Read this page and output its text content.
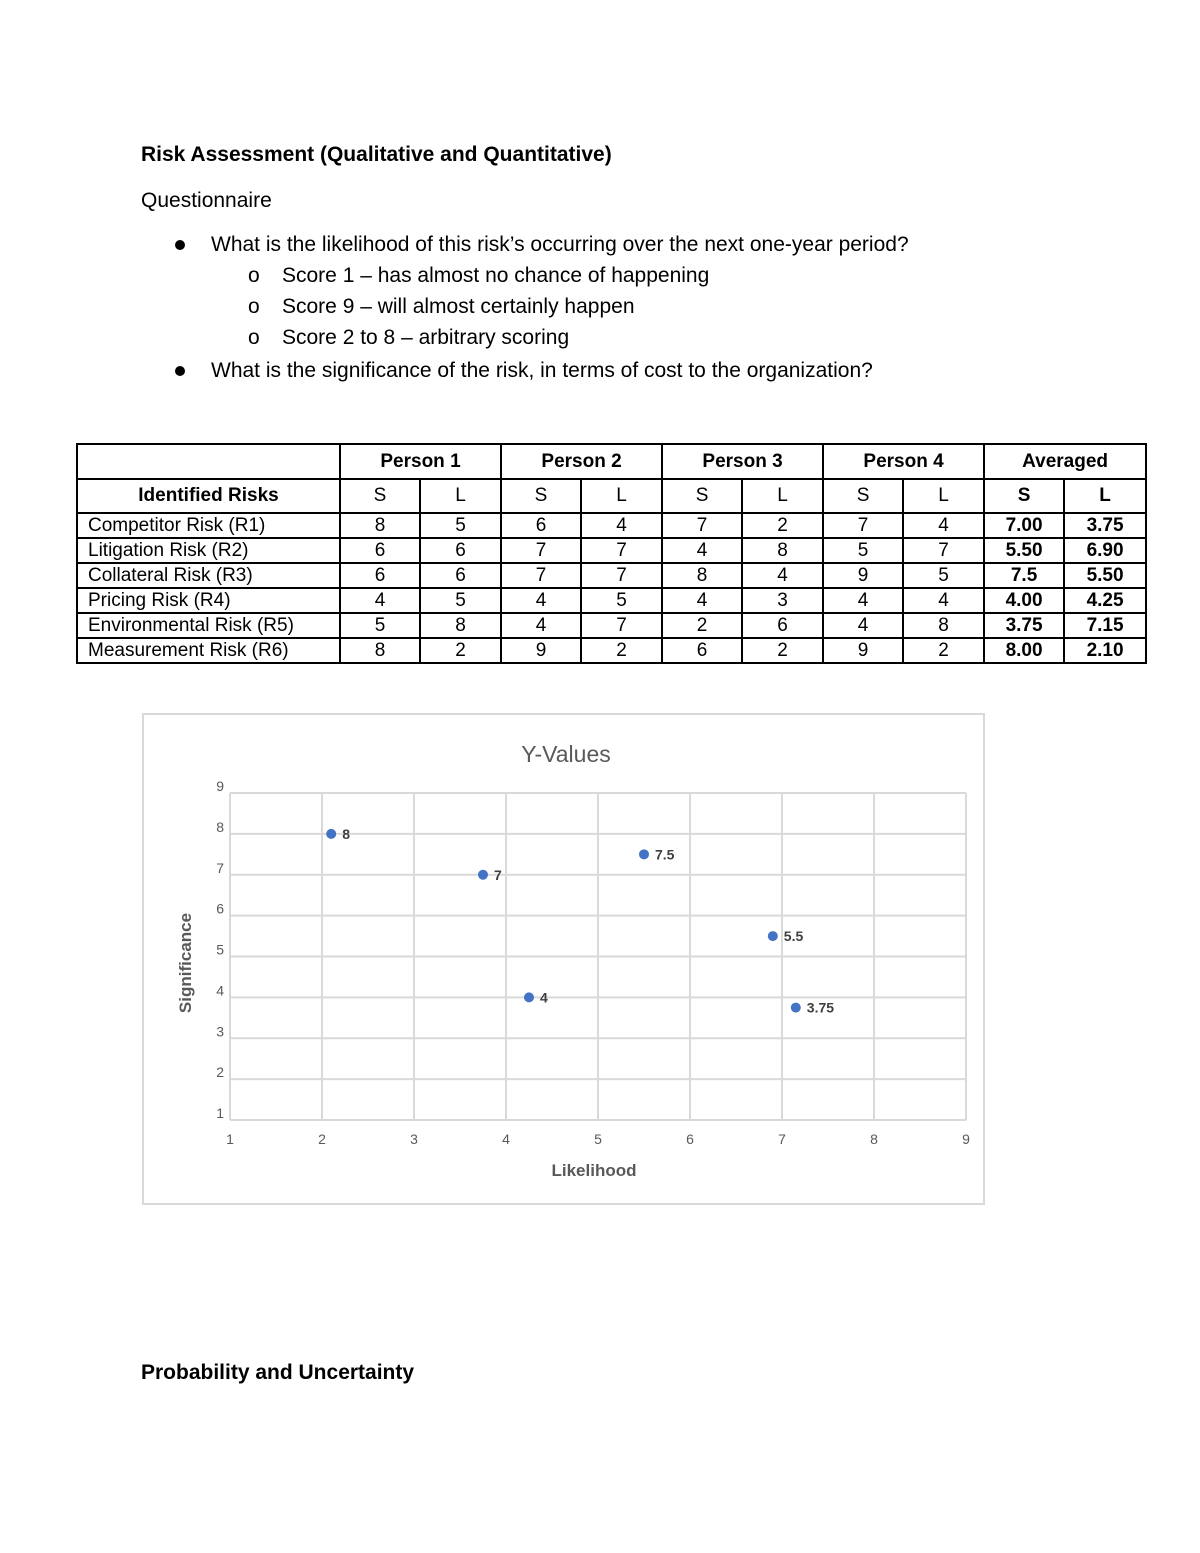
Risk Assessment (Qualitative and Quantitative)
Questionnaire
What is the likelihood of this risk’s occurring over the next one-year period?
o Score 1 – has almost no chance of happening
o Score 9 – will almost certainly happen
o Score 2 to 8 – arbitrary scoring
What is the significance of the risk, in terms of cost to the organization?
	Person 1		Person 2		Person 3		Person 4		Averaged	
Identified Risks	S	L	S	L	S	L	S	L	S	L
Competitor Risk (R1)	8	5	6	4	7	2	7	4	7.00	3.75
Litigation Risk (R2)	6	6	7	7	4	8	5	7	5.50	6.90
Collateral Risk (R3)	6	6	7	7	8	4	9	5	7.5	5.50
Pricing Risk (R4)	4	5	4	5	4	3	4	4	4.00	4.25
Environmental Risk (R5)	5	8	4	7	2	6	4	8	3.75	7.15
Measurement Risk (R6)	8	2	9	2	6	2	9	2	8.00	2.10
Y-Values
Likelihood
Significance
1	2	3	4	5	6	7	8	9
1
2
3
4
5
6
7
8
9
7
5.5
7.5
4
3.75
8
Probability and Uncertainty
